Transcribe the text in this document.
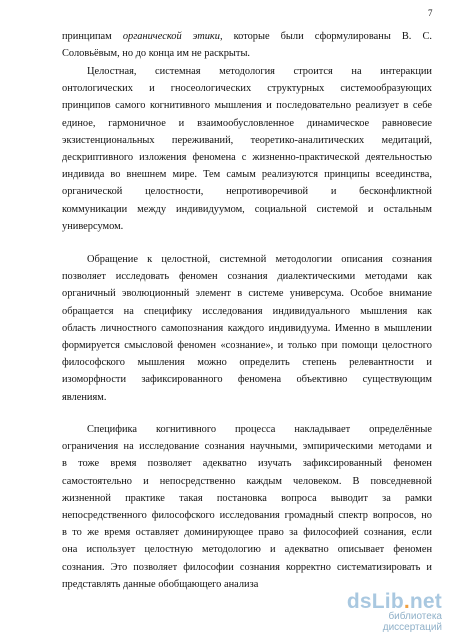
7
принципам органической этики, которые были сформулированы В. С.
Соловьёвым, но до конца им не раскрыты.
Целостная, системная методология строится на интеракции
онтологических и гносеологических структурных системообразующих
принципов самого когнитивного мышления и последовательно реализует в себе
единое, гармоничное и взаимообусловленное динамическое равновесие
экзистенциональных переживаний, теоретико-аналитических медитаций,
дескриптивного изложения феномена с жизненно-практической деятельностью
индивида во внешнем мире. Тем самым реализуются принципы всеединства,
органической целостности, непротиворечивой и бесконфликтной
коммуникации между индивидуумом, социальной системой и остальным
универсумом.
Обращение к целостной, системной методологии описания сознания
позволяет исследовать феномен сознания диалектическими методами как
органичный эволюционный элемент в системе универсума. Особое внимание
обращается на специфику исследования индивидуального мышления как
область личностного самопознания каждого индивидуума. Именно в мышлении
формируется смысловой феномен «сознание», и только при помощи целостного
философского мышления можно определить степень релевантности и
изоморфности зафиксированного феномена объективно существующим
явлениям.
Специфика когнитивного процесса накладывает определённые
ограничения на исследование сознания научными, эмпирическими методами и
в тоже время позволяет адекватно изучать зафиксированный феномен
самостоятельно и непосредственно каждым человеком. В повседневной
жизненной практике такая постановка вопроса выводит за рамки
непосредственного философского исследования громадный спектр вопросов, но
в то же время оставляет доминирующее право за философией сознания, если
она использует целостную методологию и адекватно описывает феномен
сознания. Это позволяет философии сознания корректно систематизировать и
представлять данные обобщающего анализа
dsLib.net
библиотека диссертаций
